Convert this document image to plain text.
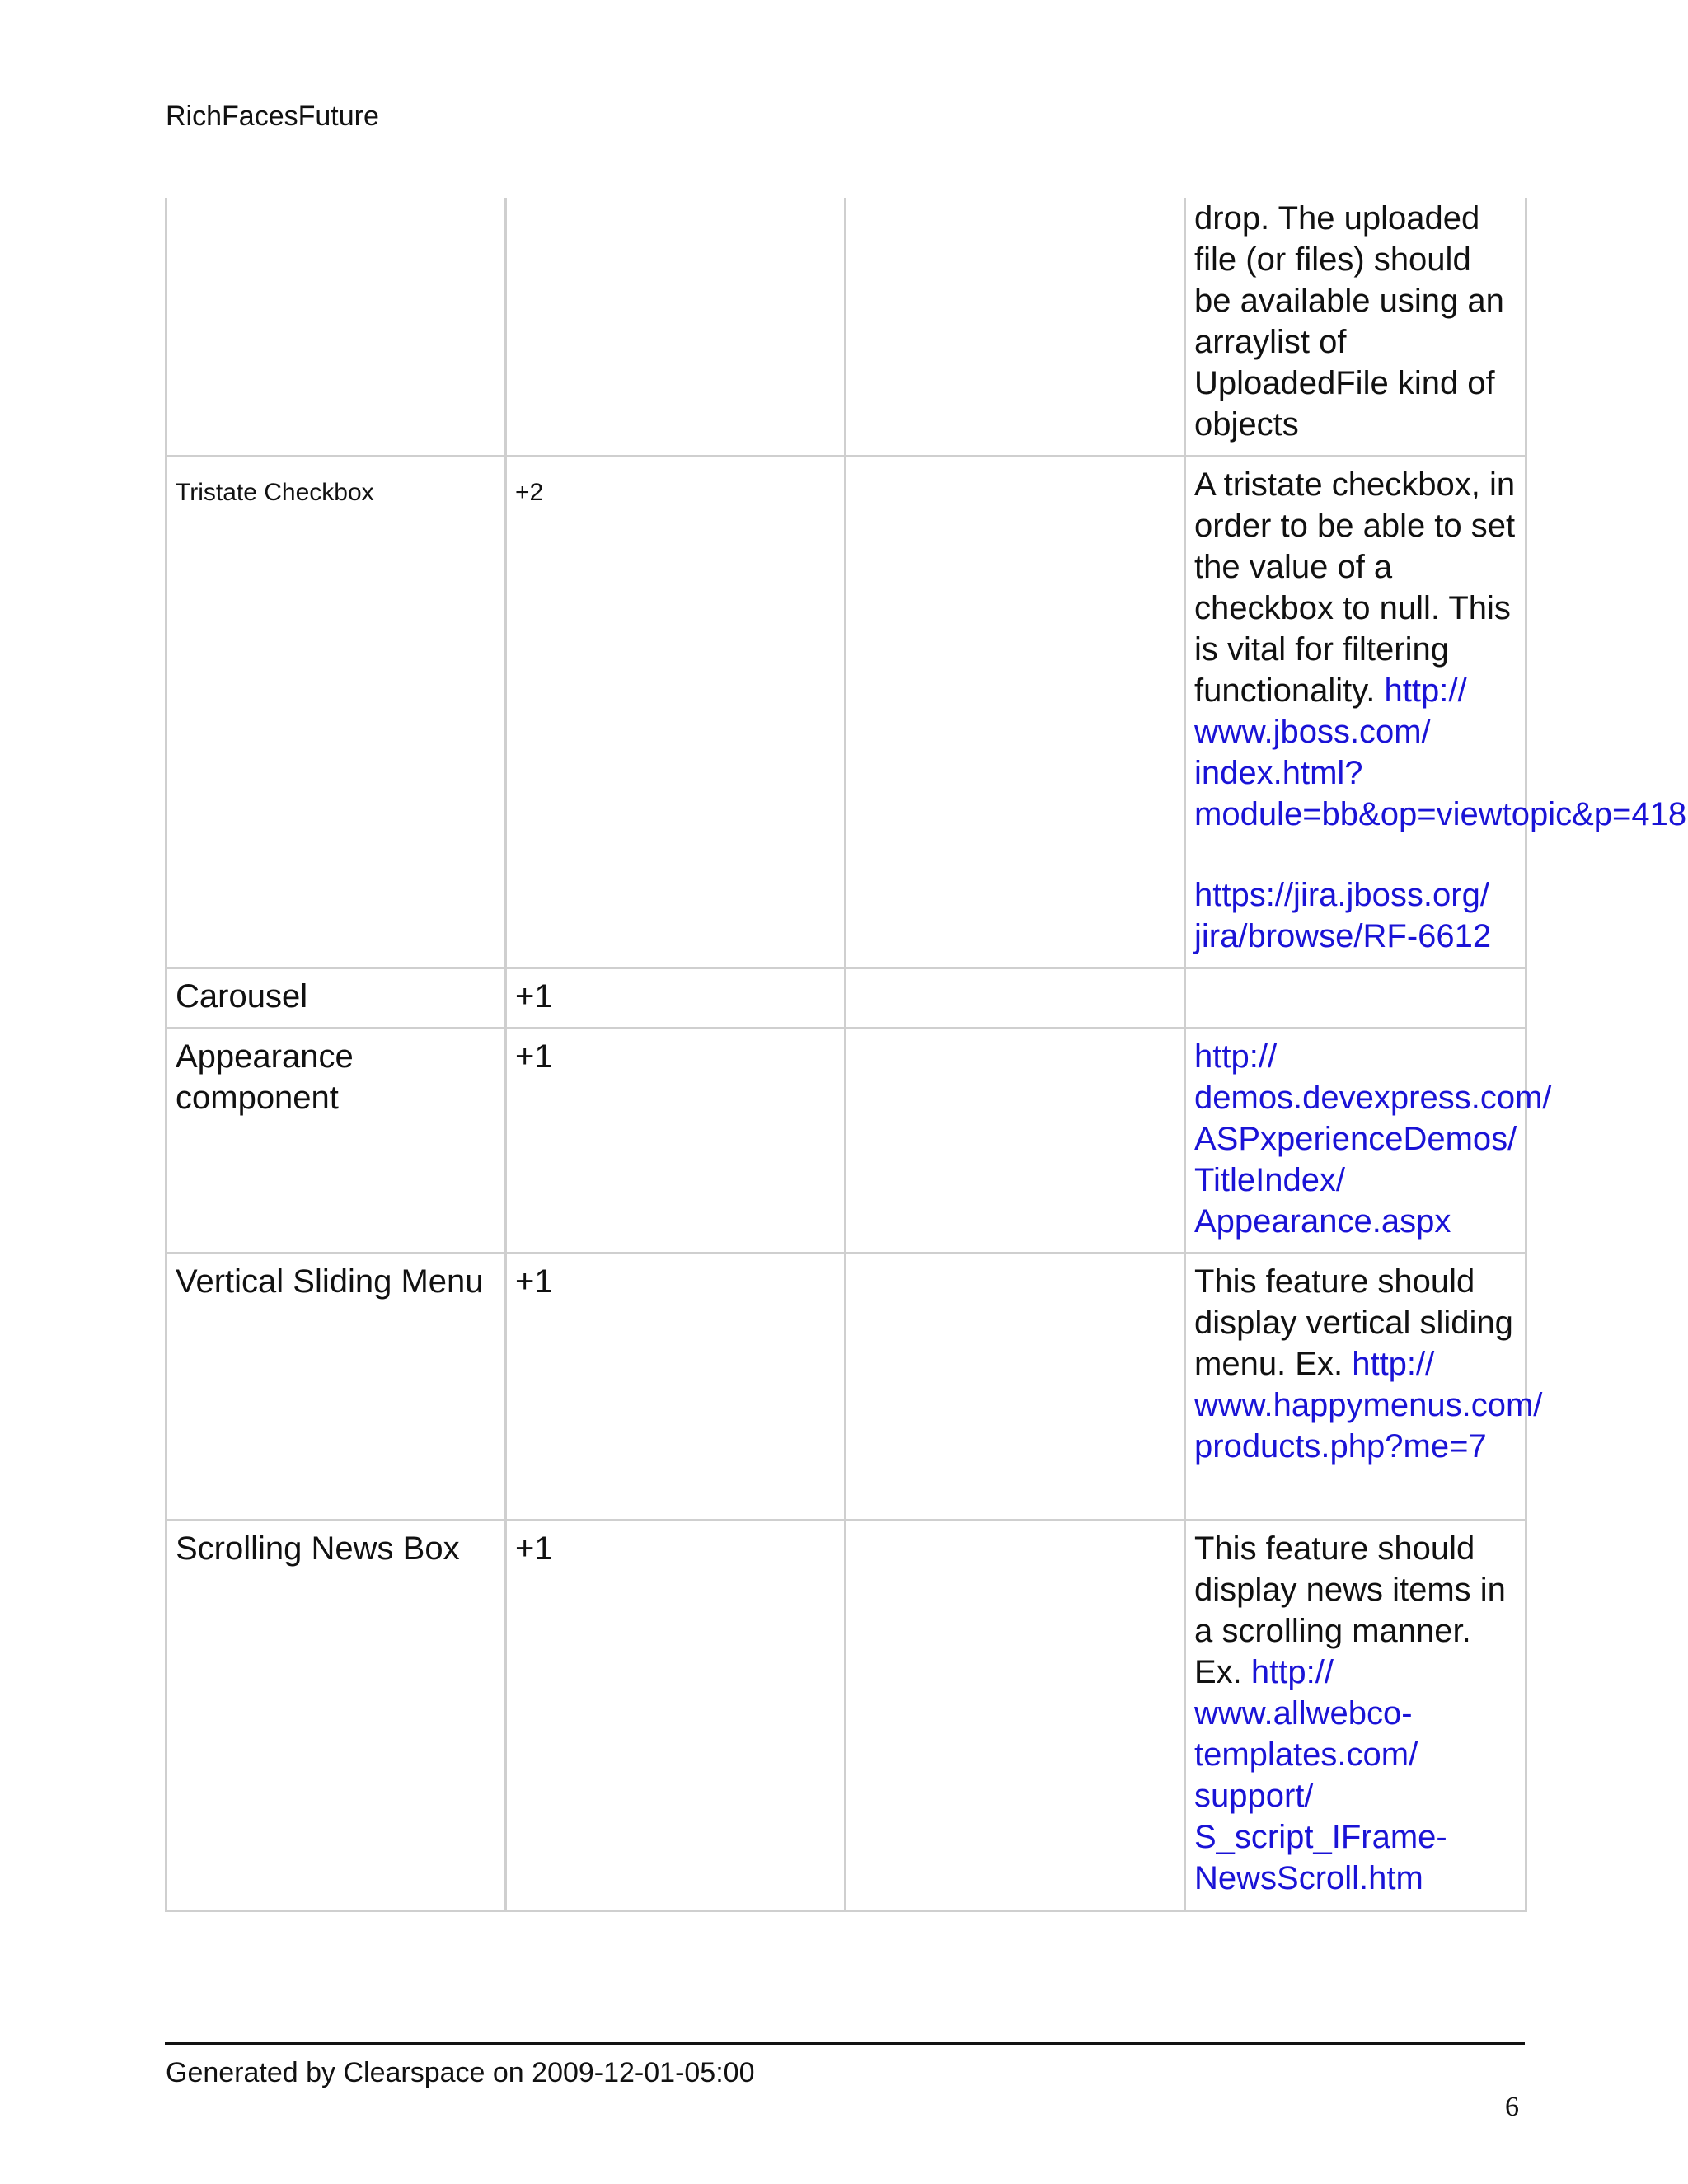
RichFacesFuture
			drop. The uploaded file (or files) should be available using an arraylist of UploadedFile kind of objects
Tristate Checkbox	+2		A tristate checkbox, in order to be able to set the value of a checkbox to null. This is vital for filtering functionality. http:// www.jboss.com/ index.html?
module=bb&op=viewtopic&p=418
https://jira.jboss.org/ jira/browse/RF-6612
Carousel	+1		
Appearance component	+1		http:// demos.devexpress.com/ ASPxperienceDemos/ TitleIndex/ Appearance.aspx
Vertical Sliding Menu	+1		This feature should display vertical sliding menu. Ex. http:// www.happymenus.com/ products.php?me=7
Scrolling News Box	+1		This feature should display news items in a scrolling manner. Ex. http:// www.allwebco- templates.com/ support/ S_script_IFrame- NewsScroll.htm
Generated by Clearspace on 2009-12-01-05:00
6
